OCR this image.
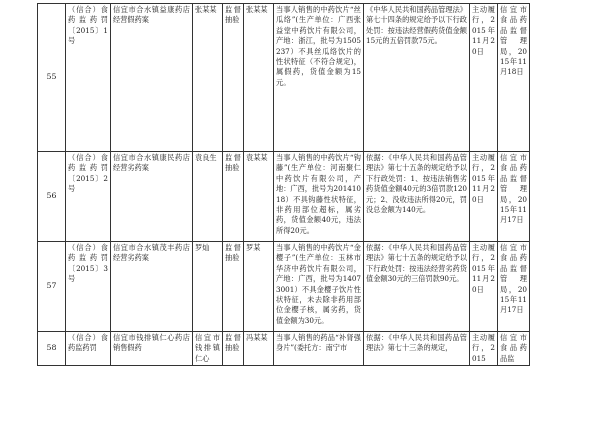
55	（信合）食药监药罚〔2015〕1号	信宜市合水镇益康药店经营假药案	张某某	监督抽验	张某某	当事人销售的中药饮片“丝瓜络”(生产单位：广西张益堂中药饮片有限公司，产地：浙江，批号为1505237）不具丝瓜络饮片的性状特征（不符合规定)，属假药，货值金额为15元。	《中华人民共和国药品管理法》第七十四条的规定给予以下行政处罚：按违法经营假药货值金额15元的五倍罚款75元。	主动履行，2015年11月20日	信宜市食品药品监督管理局，2015年11月18日
56	（信合）食药监药罚〔2015〕2号	信宜市合水镇康民药店经营劣药案	袁良生	监督抽验	袁某某	当事人销售的中药饮片“钩藤”(生产单位：河南聚仁中药饮片有限公司，产地：广西，批号为20141018）不具钩藤性状特征，非药用部位超标，属劣药，货值金额40元，违法所得20元。	依据：《中华人民共和国药品管理法》第七十五条的规定给予以下行政处罚：1、按违法销售劣药货值金额40元的3倍罚款120元；2、没收违法所得20元，罚没总金额为140元。	主动履行，2015年11月20日	信宜市食品药品监督管理局，2015年11月17日
57	（信合）食药监药罚〔2015〕3号	信宜市合水镇茂丰药店经营劣药案	罗灿	监督抽验	罗某	当事人销售的中药饮片“金樱子”(生产单位：玉林市华济中药饮片有限公司，产地：广西，批号为14073001）不具金樱子饮片性状特征，未去除非药用部位金樱子核，属劣药，货值金额为30元。	依据：《中华人民共和国药品管理法》第七十五条的规定给予以下行政处罚：按违法经营劣药货值金额30元的三倍罚款90元。	主动履行，2015年11月20日	信宜市食品药品监督管理局，2015年11月17日
58	（信合）食药监药罚	信宜市钱排镇仁心药店销售假药	信宜市钱排镇仁心	监督抽验	冯某某	当事人销售的药品“补肾强身片”(委托方：南宁市	依据：《中华人民共和国药品管理法》第七十三条的规定，	主动履行，2015	信宜市食品药品监
